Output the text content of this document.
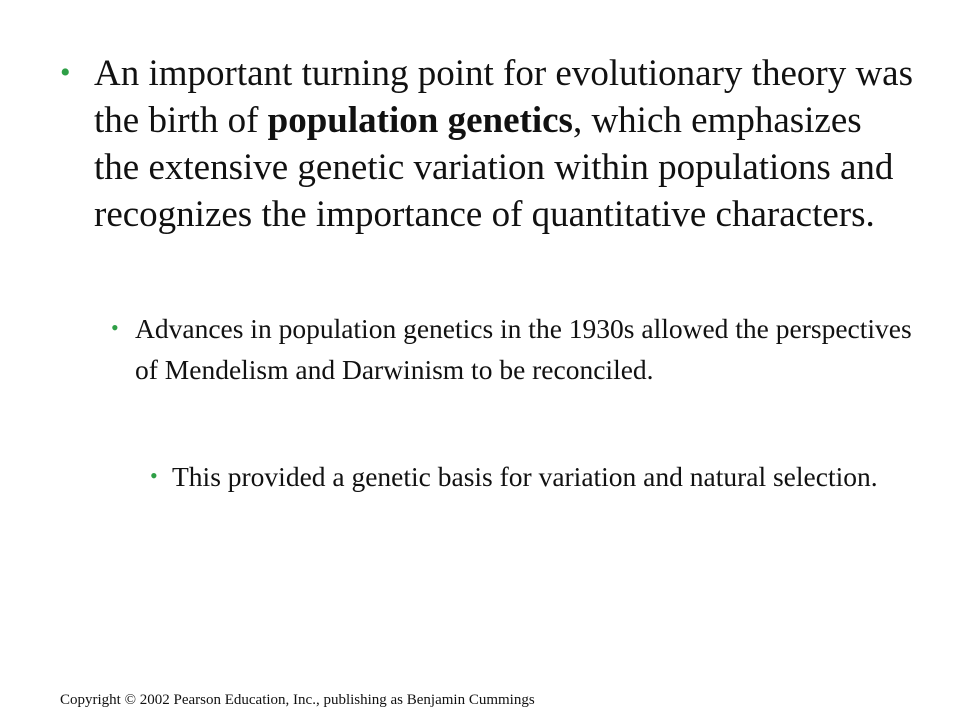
• An important turning point for evolutionary theory was the birth of population genetics, which emphasizes the extensive genetic variation within populations and recognizes the importance of quantitative characters.
• Advances in population genetics in the 1930s allowed the perspectives of Mendelism and Darwinism to be reconciled.
• This provided a genetic basis for variation and natural selection.
Copyright © 2002 Pearson Education, Inc., publishing as Benjamin Cummings
